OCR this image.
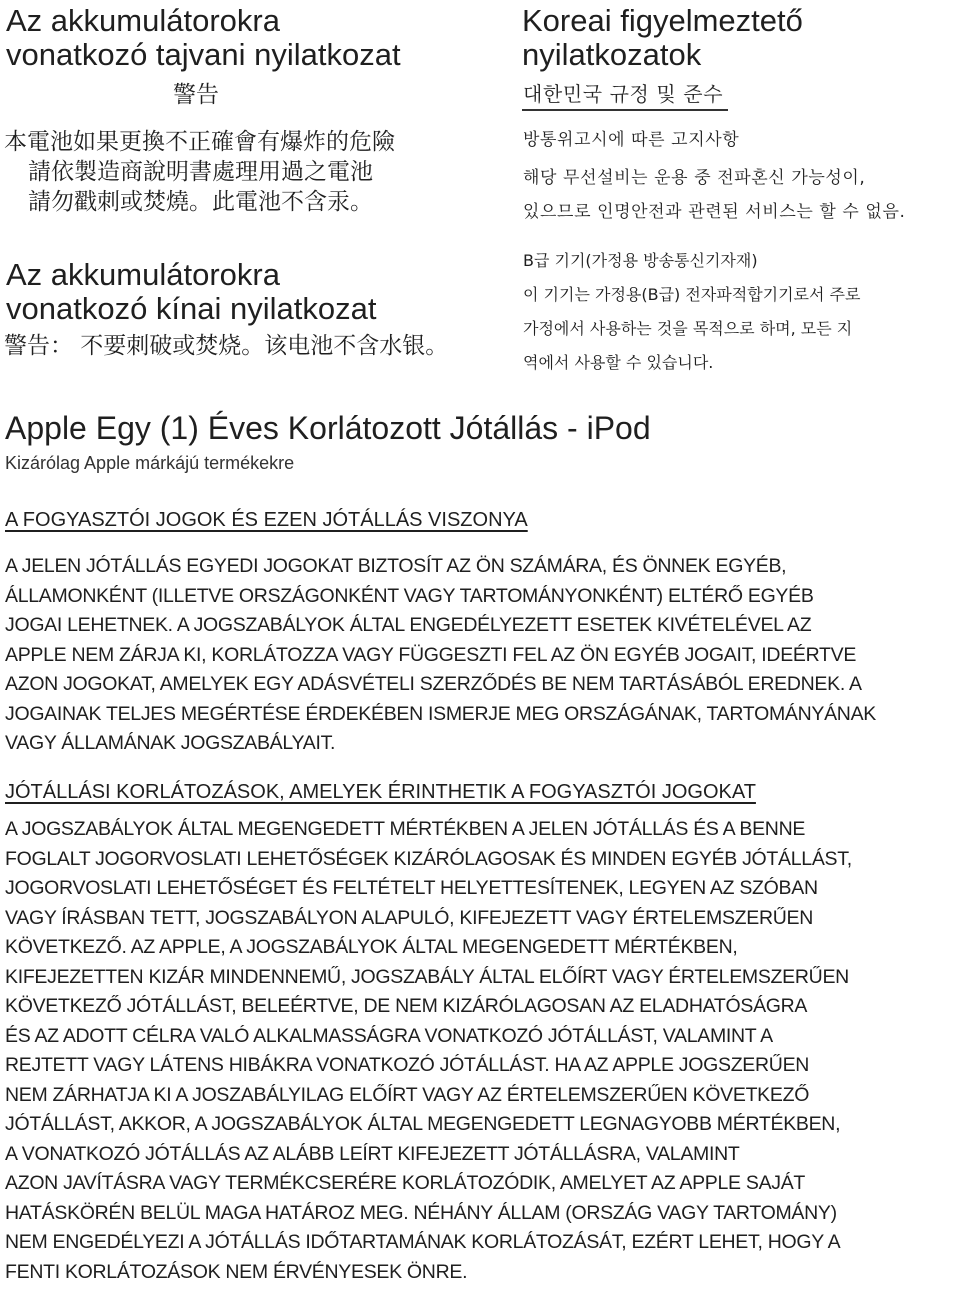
Az akkumulátorokra
vonatkozó tajvani nyilatkozat
警告
本電池如果更換不正確會有爆炸的危險
請依製造商說明書處理用過之電池
請勿戳刺或焚燒。此電池不含汞。
Az akkumulátorokra
vonatkozó kínai nyilatkozat
警告： 不要刺破或焚烧。该电池不含水银。
Koreai figyelmeztető
nyilatkozatok
대한민국 규정 및 준수
방통위고시에 따른 고지사항
해당 무선설비는 운용 중 전파혼신 가능성이,
있으므로 인명안전과 관련된 서비스는 할 수 없음.
B급 기기(가정용 방송통신기자재)
이 기기는 가정용(B급) 전자파적합기기로서 주로
가정에서 사용하는 것을 목적으로 하며, 모든 지
역에서 사용할 수 있습니다.
Apple Egy (1) Éves Korlátozott Jótállás - iPod
Kizárólag Apple márkájú termékekre
A FOGYASZTÓI JOGOK ÉS EZEN JÓTÁLLÁS VISZONYA
A JELEN JÓTÁLLÁS EGYEDI JOGOKAT BIZTOSÍT AZ ÖN SZÁMÁRA, ÉS ÖNNEK EGYÉB,
ÁLLAMONKÉNT (ILLETVE ORSZÁGONKÉNT VAGY TARTOMÁNYONKÉNT) ELTÉRŐ EGYÉB
JOGAI LEHETNEK. A JOGSZABÁLYOK ÁLTAL ENGEDÉLYEZETT ESETEK KIVÉTELÉVEL AZ
APPLE NEM ZÁRJA KI, KORLÁTOZZA VAGY FÜGGESZTI FEL AZ ÖN EGYÉB JOGAIT, IDEÉRTVE
AZON JOGOKAT, AMELYEK EGY ADÁSVÉTELI SZERZŐDÉS BE NEM TARTÁSÁBÓL EREDNEK. A
JOGAINAK TELJES MEGÉRTÉSE ÉRDEKÉBEN ISMERJE MEG ORSZÁGÁNAK, TARTOMÁNYÁNAK
VAGY ÁLLAMÁNAK JOGSZABÁLYAIT.
JÓTÁLLÁSI KORLÁTOZÁSOK, AMELYEK ÉRINTHETIK A FOGYASZTÓI JOGOKAT
A JOGSZABÁLYOK ÁLTAL MEGENGEDETT MÉRTÉKBEN A JELEN JÓTÁLLÁS ÉS A BENNE
FOGLALT JOGORVOSLATI LEHETŐSÉGEK KIZÁRÓLAGOSAK ÉS MINDEN EGYÉB JÓTÁLLÁST,
JOGORVOSLATI LEHETŐSÉGET ÉS FELTÉTELT HELYETTESÍTENEK, LEGYEN AZ SZÓBAN
VAGY ÍRÁSBAN TETT, JOGSZABÁLYON ALAPULÓ, KIFEJEZETT VAGY ÉRTELEMSZERŰEN
KÖVETKEZŐ. AZ APPLE, A JOGSZABÁLYOK ÁLTAL MEGENGEDETT MÉRTÉKBEN,
KIFEJEZETTEN KIZÁR MINDENNEMŰ, JOGSZABÁLY ÁLTAL ELŐÍRT VAGY ÉRTELEMSZERŰEN
KÖVETKEZŐ JÓTÁLLÁST, BELEÉRTVE, DE NEM KIZÁRÓLAGOSAN AZ ELADHATÓSÁGRA
ÉS AZ ADOTT CÉLRA VALÓ ALKALMASSÁGRA VONATKOZÓ JÓTÁLLÁST, VALAMINT A
REJTETT VAGY LÁTENS HIBÁKRA VONATKOZÓ JÓTÁLLÁST. HA AZ APPLE JOGSZERŰEN
NEM ZÁRHATJA KI A JOSZABÁLYILAG ELŐÍRT VAGY AZ ÉRTELEMSZERŰEN KÖVETKEZŐ
JÓTÁLLÁST, AKKOR, A JOGSZABÁLYOK ÁLTAL MEGENGEDETT LEGNAGYOBB MÉRTÉKBEN,
A VONATKOZÓ JÓTÁLLÁS AZ ALÁBB LEÍRT KIFEJEZETT JÓTÁLLÁSRA, VALAMINT
AZON JAVÍTÁSRA VAGY TERMÉKCSERÉRE KORLÁTOZÓDIK, AMELYET AZ APPLE SAJÁT
HATÁSKÖRÉN BELÜL MAGA HATÁROZ MEG. NÉHÁNY ÁLLAM (ORSZÁG VAGY TARTOMÁNY)
NEM ENGEDÉLYEZI A JÓTÁLLÁS IDŐTARTAMÁNAK KORLÁTOZÁSÁT, EZÉRT LEHET, HOGY A
FENTI KORLÁTOZÁSOK NEM ÉRVÉNYESEK ÖNRE.
